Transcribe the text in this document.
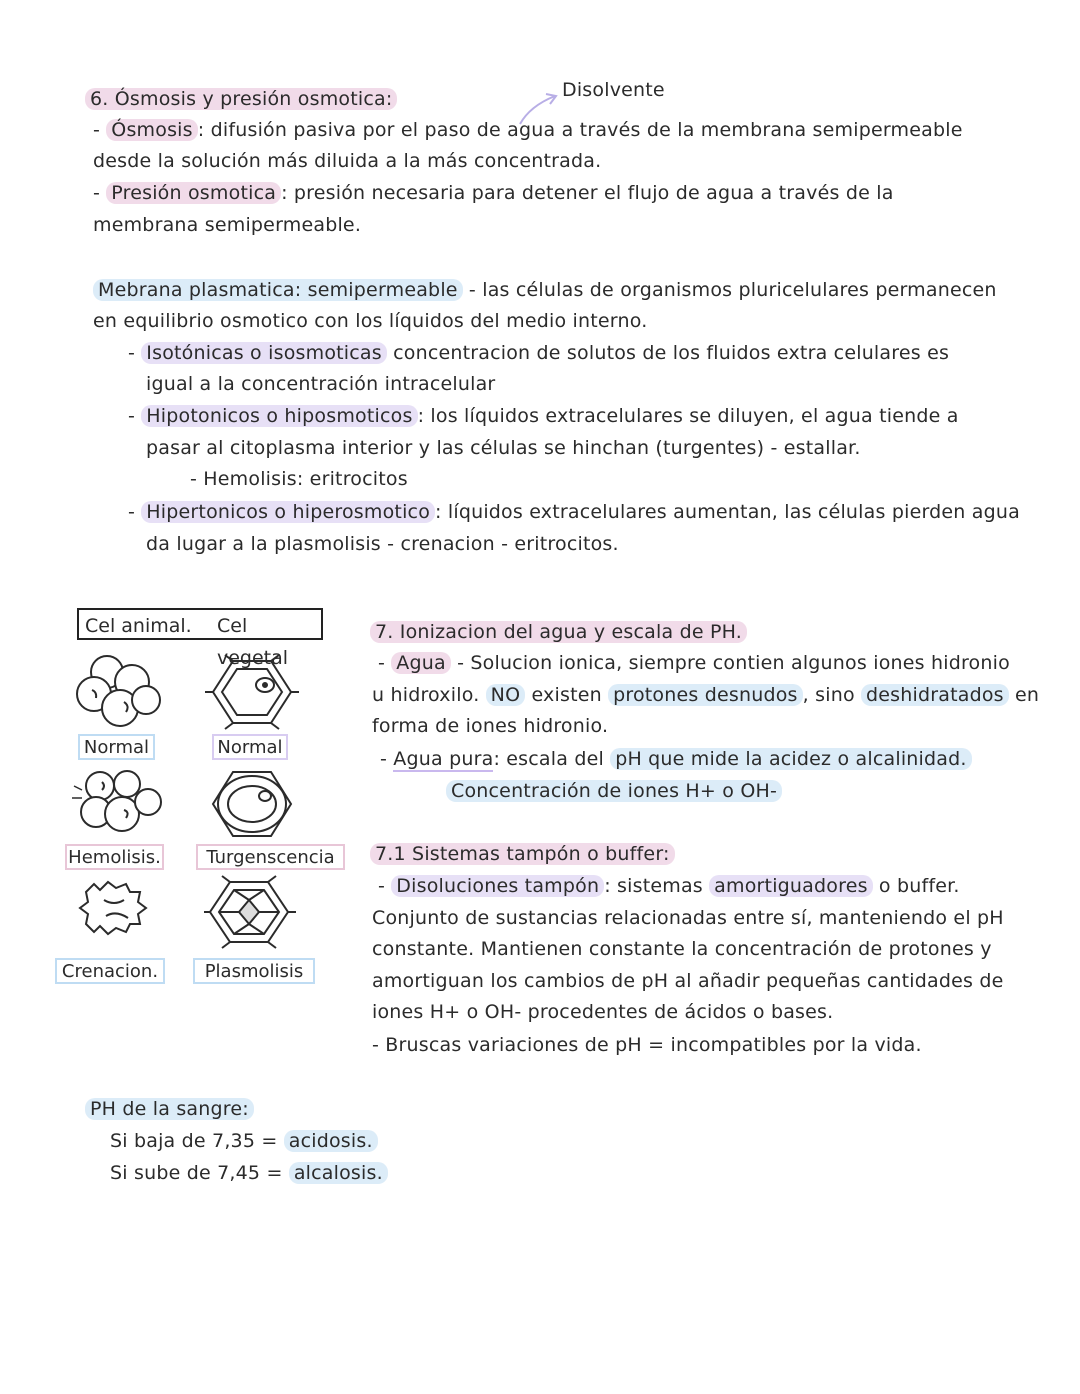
6. Ósmosis y presión osmotica:	Disolvente
- Ósmosis : difusión pasiva por el paso de agua a través de la membrana semipermeable
desde la solución más diluida a la más concentrada.
- Presión osmotica : presión necesaria para detener el flujo de agua a través de la
membrana semipermeable.
Mebrana plasmatica: semipermeable - las células de organismos pluricelulares permanecen
en equilibrio osmotico con los líquidos del medio interno.
- Isotónicas o isosmoticas concentracion de solutos de los fluidos extra celulares es
igual a la concentración intracelular
- Hipotonicos o hiposmoticos : los líquidos extracelulares se diluyen, el agua tiende a
pasar al citoplasma interior y las células se hinchan (turgentes) - estallar.
- Hemolisis: eritrocitos
- Hipertonicos o hiperosmotico : líquidos extracelulares aumentan, las células pierden agua
da lugar a la plasmolisis - crenacion - eritrocitos.
Cel animal. Cel vegetal
Normal	Normal
Hemolisis.	Turgenscencia
Crenacion.	Plasmolisis
7. Ionizacion del agua y escala de PH.
- Agua - Solucion ionica, siempre contien algunos iones hidronio
u hidroxilo. NO existen protones desnudos , sino deshidratados en
forma de iones hidronio.
- Agua pura: escala del pH que mide la acidez o alcalinidad.
Concentración de iones H+ o OH-
7.1 Sistemas tampón o buffer:
- Disoluciones tampón : sistemas amortiguadores o buffer.
Conjunto de sustancias relacionadas entre sí, manteniendo el pH
constante. Mantienen constante la concentración de protones y
amortiguan los cambios de pH al añadir pequeñas cantidades de
iones H+ o OH- procedentes de ácidos o bases.
- Bruscas variaciones de pH = incompatibles por la vida.
PH de la sangre:
Si baja de 7,35 = acidosis.
Si sube de 7,45 = alcalosis.
